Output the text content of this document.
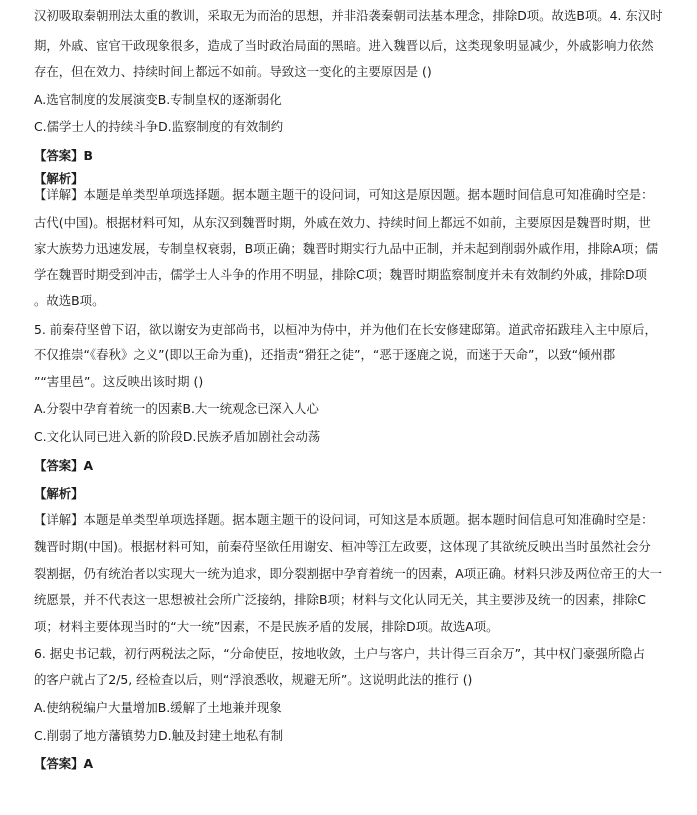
汉初吸取秦朝刑法太重的教训，采取无为而治的思想，并非沿袭秦朝司法基本理念，排除D项。故选B项。4. 东汉时
期，外戚、宦官干政现象很多，造成了当时政治局面的黑暗。进入魏晋以后，这类现象明显减少，外戚影响力依然
存在，但在效力、持续时间上都远不如前。导致这一变化的主要原因是 ()
A.选官制度的发展演变B.专制皇权的逐渐弱化
C.儒学士人的持续斗争D.监察制度的有效制约
【答案】B
【解析】
【详解】本题是单类型单项选择题。据本题主题干的设问词，可知这是原因题。据本题时间信息可知准确时空是：
古代(中国)。根据材料可知，从东汉到魏晋时期，外戚在效力、持续时间上都远不如前，主要原因是魏晋时期，世
家大族势力迅速发展，专制皇权衰弱，B项正确；魏晋时期实行九品中正制，并未起到削弱外戚作用，排除A项；儒
学在魏晋时期受到冲击，儒学士人斗争的作用不明显，排除C项；魏晋时期监察制度并未有效制约外戚，排除D项
。故选B项。
5. 前秦苻坚曾下诏，欲以谢安为吏部尚书，以桓冲为侍中，并为他们在长安修建邸第。道武帝拓跋珪入主中原后，
不仅推崇“《春秋》之义”(即以王命为重)，还指责“猾狂之徒”，“恶于逐鹿之说，而迷于天命”，以致“倾州郡
”“害里邑”。这反映出该时期 ()
A.分裂中孕育着统一的因素B.大一统观念已深入人心
C.文化认同已进入新的阶段D.民族矛盾加剧社会动荡
【答案】A
【解析】
【详解】本题是单类型单项选择题。据本题主题干的设问词，可知这是本质题。据本题时间信息可知准确时空是：
魏晋时期(中国)。根据材料可知，前秦苻坚欲任用谢安、桓冲等江左政要，这体现了其欲统反映出当时虽然社会分
裂割据，仍有统治者以实现大一统为追求，即分裂割据中孕育着统一的因素，A项正确。材料只涉及两位帝王的大一
统愿景，并不代表这一思想被社会所广泛接纳，排除B项；材料与文化认同无关，其主要涉及统一的因素，排除C
项；材料主要体现当时的“大一统”因素，不是民族矛盾的发展，排除D项。故选A项。
6. 据史书记载，初行两税法之际，“分命使臣，按地收敛，土户与客户，共计得三百余万”，其中权门豪强所隐占
的客户就占了2/5, 经检查以后，则“浮浪悉收，规避无所”。这说明此法的推行 ()
A.使纳税编户大量增加B.缓解了土地兼并现象
C.削弱了地方藩镇势力D.触及封建土地私有制
【答案】A
